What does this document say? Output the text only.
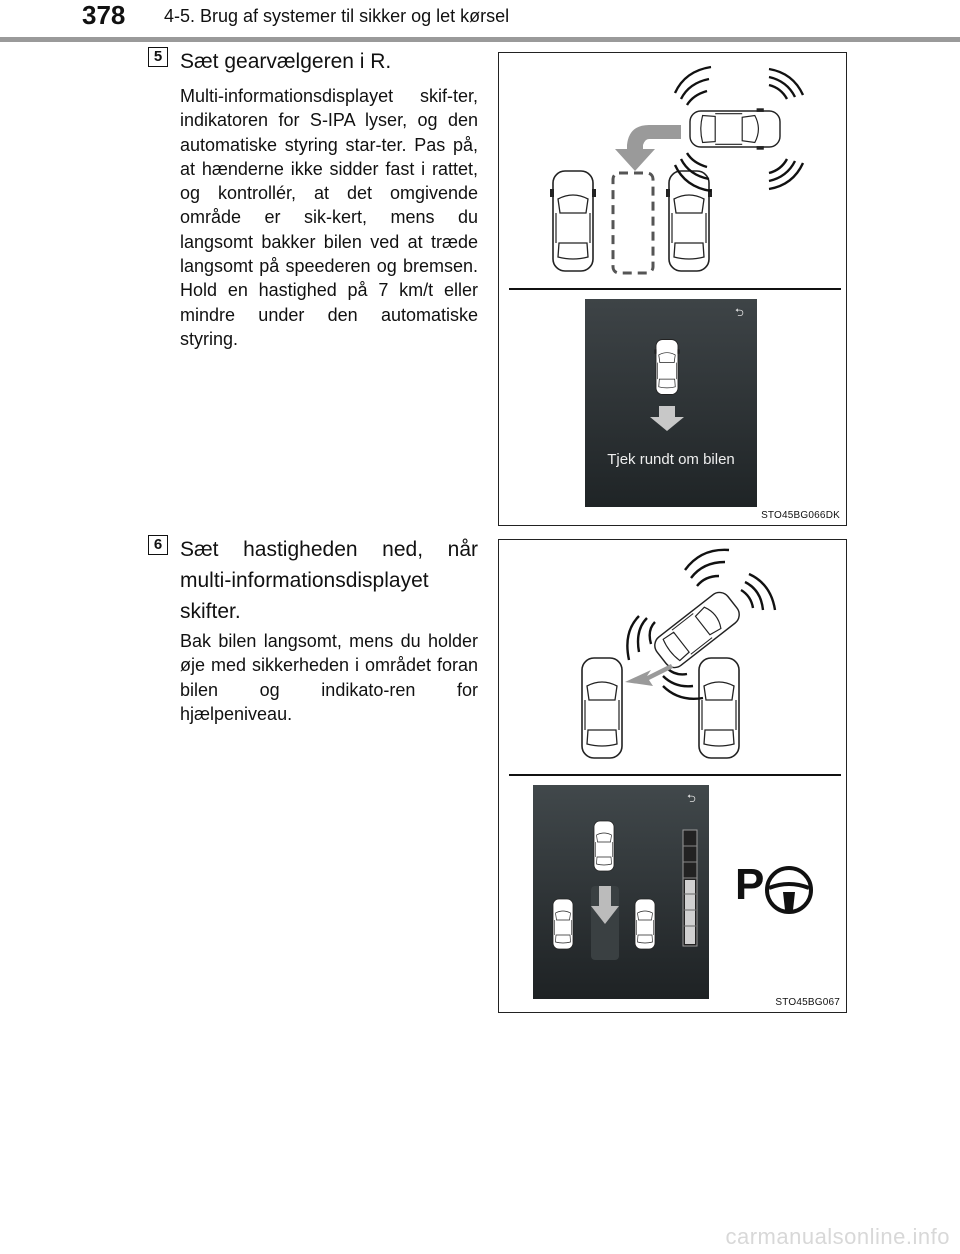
378 4-5. Brug af systemer til sikker og let kørsel
5 Sæt gearvælgeren i R.
Multi-informationsdisplayet skif-ter, indikatoren for S-IPA lyser, og den automatiske styring star-ter. Pas på, at hænderne ikke sidder fast i rattet, og kontrollér, at det omgivende område er sik-kert, mens du langsomt bakker bilen ved at træde langsomt på speederen og bremsen. Hold en hastighed på 7 km/t eller mindre under den automatiske styring.
⮌
Tjek rundt om bilen
STO45BG066DK
6 Sæt hastigheden ned, når multi-informationsdisplayet skifter.
Bak bilen langsomt, mens du holder øje med sikkerheden i området foran bilen og indikato-ren for hjælpeniveau.
⮌
P
STO45BG067
carmanualsonline.info
